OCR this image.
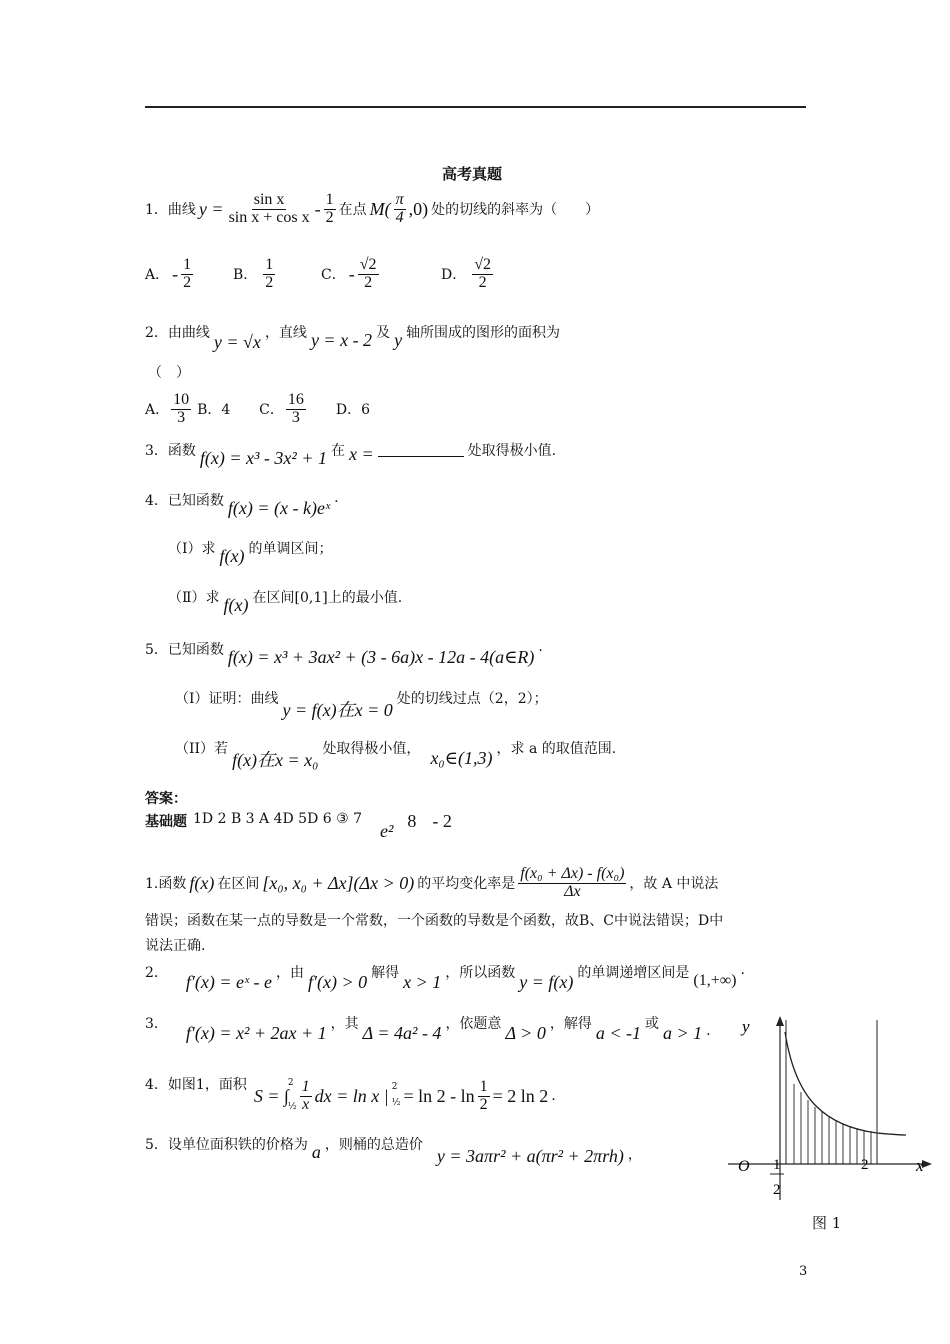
高考真题
1．曲线 $y = \frac{\text{sin x}}{\text{sin x + cos x}} - \frac{1}{2}$ 在点 $M( \frac{\pi}{4} ,0)$ 处的切线的斜率为（　　）
A． - $\frac{1}{2}$	B． $\frac{1}{2}$	C． - $\frac{√2}{2}$	D． $\frac{√2}{2}$
2．由曲线 y = √x ，直线 y = x - 2 及 y 轴所围成的图形的面积为
（　）
A． $\frac{10}{3}$ B．4	C． $\frac{16}{3}$ D．6
3．函数 f(x) = x³ - 3x² + 1 在 x =	处取得极小值.
4．已知函数 f(x) = (x - k)eˣ .
（Ⅰ）求 f(x) 的单调区间；
（Ⅱ）求 f(x) 在区间[0,1]上的最小值.
5．已知函数 f(x) = x³ + 3ax² + (3 - 6a)x - 12a - 4(a∈R) .
（I）证明：曲线
y = f(x)在x = 0
处的切线过点（2，2）；
（II）若
f(x)在x = x₀
处取得极小值， x₀∈(1,3) ，求 a 的取值范围.
答案：
基础题 1D 2 B 3 A 4D 5D 6 ③ 7
e² 8 - 2
1.函数 f(x) 在区间 [x₀, x₀ + Δx](Δx > 0) 的平均变化率是 $\frac{\text{f(x₀ + Δx) - f(x₀)}}{\Delta x}$ ，故 A 中说法
错误；函数在某一点的导数是一个常数，一个函数的导数是个函数，故B、C中说法错误；D中
说法正确.
2． f′(x) = eˣ - e ，由 f′(x) > 0 解得 x > 1 ，所以函数 y = f(x) 的单调递增区间是 (1,+∞)
.
3． f′(x) = x² + 2ax + 1 ，其 Δ = 4a² - 4 ，依题意 Δ > 0 ，解得 a < -1 或 a > 1 .
4．如图1，面积
S = ∫
2
½ $\frac{1}{x}$ dx = ln x | 2
½ = $\ln 2 - \ln \frac{1}{2} = 2$ ln 2 .
5．设单位面积铁的价格为 a ，则桶的总造价
y = 3aπr² + a(πr² + 2πrh) ，
y
x
O 1
2
2
图 1
3
